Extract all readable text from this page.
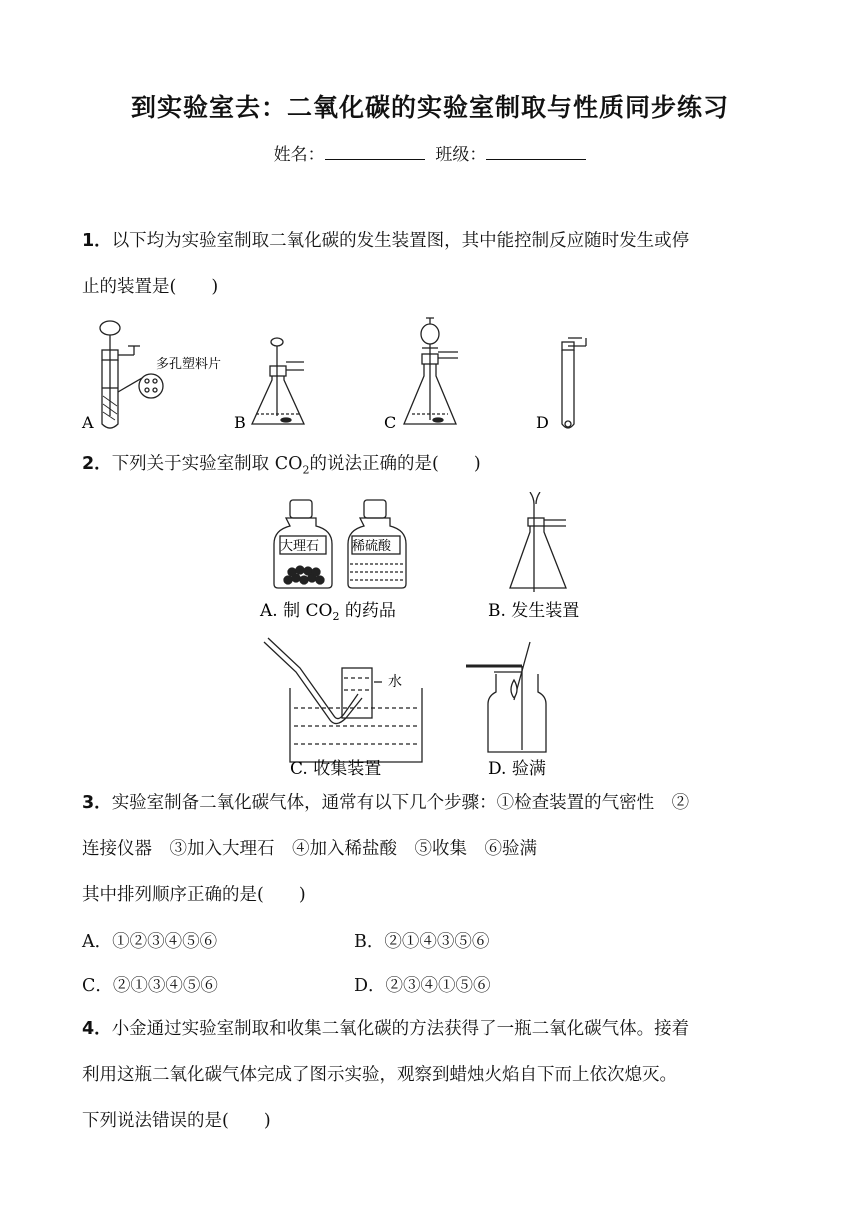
到实验室去：二氧化碳的实验室制取与性质同步练习
姓名：	班级：
1．以下均为实验室制取二氧化碳的发生装置图，其中能控制反应随时发生或停
止的装置是(　　)
多孔塑料片
A	B	C	D
2．下列关于实验室制取 $CO_2$的说法正确的是(　　)
大理石	稀硫酸
水
A. 制 $CO_2$ 的药品	B. 发生装置
C. 收集装置	D. 验满
3．实验室制备二氧化碳气体，通常有以下几个步骤：①检查装置的气密性　②
连接仪器　③加入大理石　④加入稀盐酸　⑤收集　⑥验满
其中排列顺序正确的是(　　)
A．①②③④⑤⑥	B．②①④③⑤⑥
C．②①③④⑤⑥	D．②③④①⑤⑥
4．小金通过实验室制取和收集二氧化碳的方法获得了一瓶二氧化碳气体。接着
利用这瓶二氧化碳气体完成了图示实验，观察到蜡烛火焰自下而上依次熄灭。
下列说法错误的是(　　)
